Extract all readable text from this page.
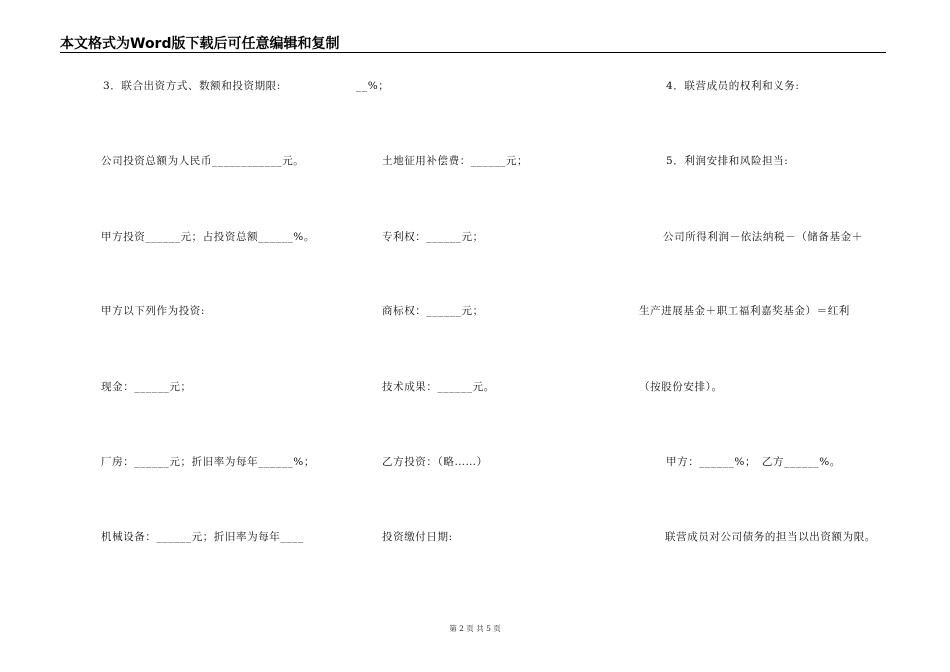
本文格式为Word版下载后可任意编辑和复制
3．联合出资方式、数额和投资期限:	__%；
公司投资总额为人民币____________元。
甲方投资______元；占投资总额______%。
甲方以下列作为投资:
现金：______元；
厂房：______元；折旧率为每年______%；
机械设备：______元；折旧率为每年____
土地征用补偿费：______元；
专利权：______元；
商标权：______元；
技术成果：______元。
乙方投资：（略……）
投资缴付日期:
4．联营成员的权利和义务:
5．利润安排和风险担当:
公司所得利润－依法纳税－（储备基金＋
生产进展基金＋职工福利嘉奖基金）＝红利
（按股份安排）。
甲方：______%；　乙方______%。
联营成员对公司债务的担当以出资额为限。
第 2 页 共 5 页
